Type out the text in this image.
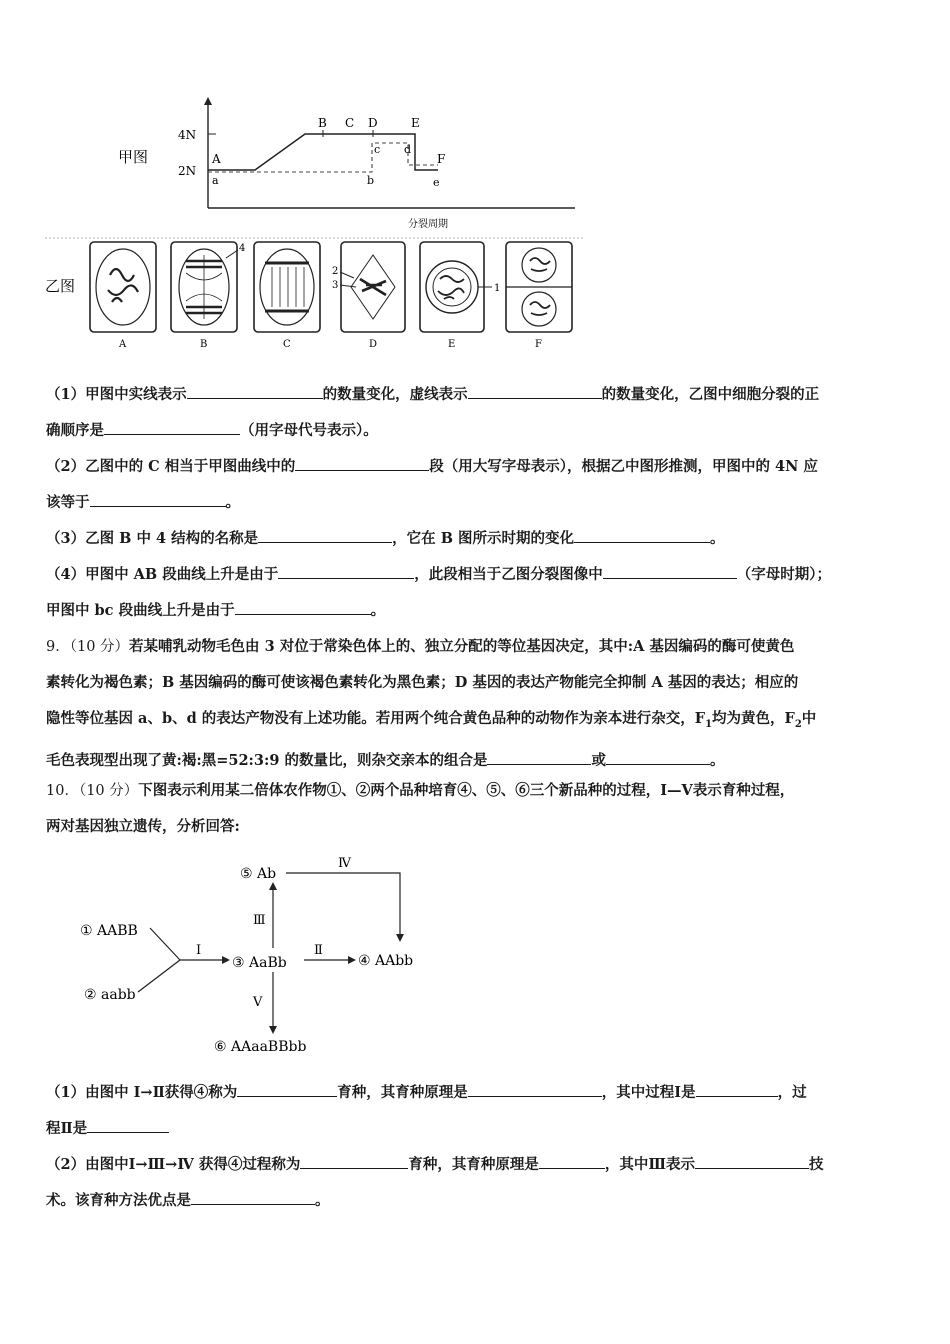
甲图
4N
2N
A
B C D	E
F
a	b
c d
e
分裂周期
乙图
4
2
3	1
A	B	C	D	E	F
（1）甲图中实线表示	的数量变化，虚线表示	的数量变化，乙图中细胞分裂的正
确顺序是	（用字母代号表示）。
（2）乙图中的 C 相当于甲图曲线中的	段（用大写字母表示），根据乙中图形推测，甲图中的 4N 应
该等于	。
（3）乙图 B 中 4 结构的名称是	，它在 B 图所示时期的变化	。
（4）甲图中 AB 段曲线上升是由于	，此段相当于乙图分裂图像中	（字母时期）；
甲图中 bc 段曲线上升是由于	。
9．（10 分）若某哺乳动物毛色由 3 对位于常染色体上的、独立分配的等位基因决定，其中:A 基因编码的酶可使黄色
素转化为褐色素；B 基因编码的酶可使该褐色素转化为黑色素；D 基因的表达产物能完全抑制 A 基因的表达；相应的
隐性等位基因 a、b、d 的表达产物没有上述功能。若用两个纯合黄色品种的动物作为亲本进行杂交，$F_1$均为黄色，$F_2$中
毛色表现型出现了黄:褐:黑=52:3:9 的数量比，则杂交亲本的组合是	或	。
10．（10 分）下图表示利用某二倍体农作物①、②两个品种培育④、⑤、⑥三个新品种的过程，Ⅰ—Ⅴ表示育种过程，
两对基因独立遗传，分析回答:
⑤ Ab
① AABB
② aabb
③ AaBb	④ AAbb
⑥ AAaaBBbb
Ⅰ	Ⅱ
Ⅲ
Ⅳ
Ⅴ
（1）由图中 Ⅰ→Ⅱ获得④称为	育种，其育种原理是	，其中过程Ⅰ是	，过
程Ⅱ是
（2）由图中Ⅰ→Ⅲ→Ⅳ 获得④过程称为	育种，其育种原理是	，其中Ⅲ表示	技
术。该育种方法优点是	。
